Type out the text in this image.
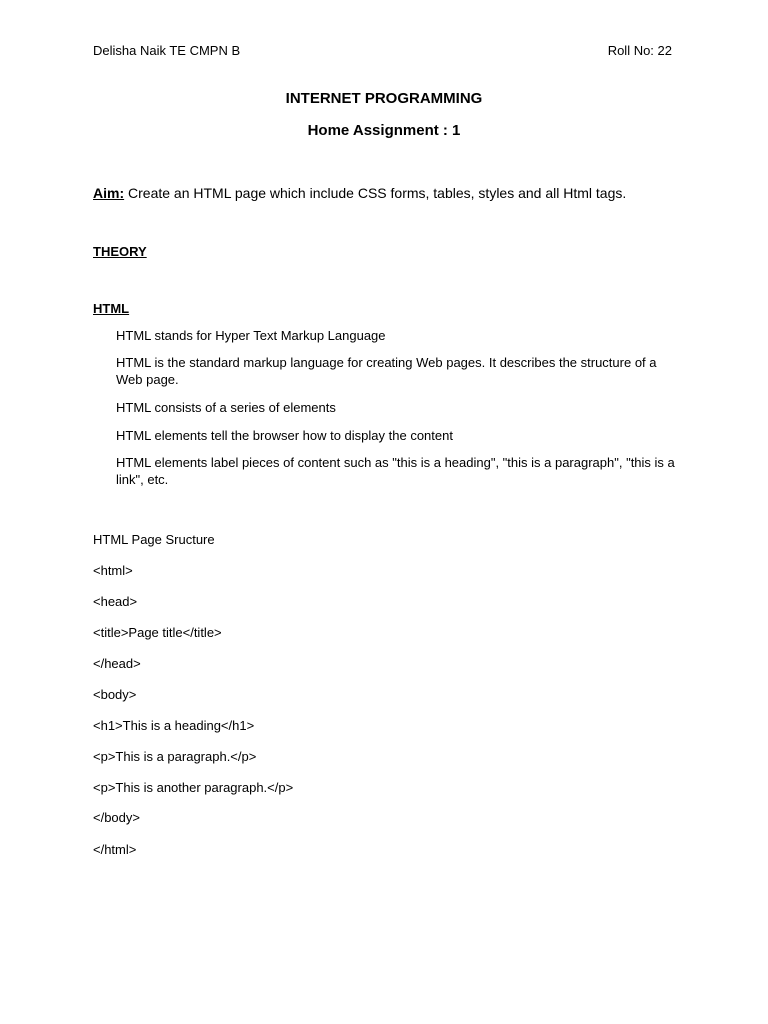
Delisha Naik TE CMPN B	Roll No: 22
INTERNET PROGRAMMING
Home Assignment : 1
Aim: Create an HTML page which include CSS forms, tables, styles and all Html tags.
THEORY
HTML
HTML stands for Hyper Text Markup Language
HTML is the standard markup language for creating Web pages. It describes the structure of a Web page.
HTML consists of a series of elements
HTML elements tell the browser how to display the content
HTML elements label pieces of content such as "this is a heading", "this is a paragraph", "this is a link", etc.
HTML Page Sructure
<html>
<head>
<title>Page title</title>
</head>
<body>
<h1>This is a heading</h1>
<p>This is a paragraph.</p>
<p>This is another paragraph.</p>
</body>
</html>
